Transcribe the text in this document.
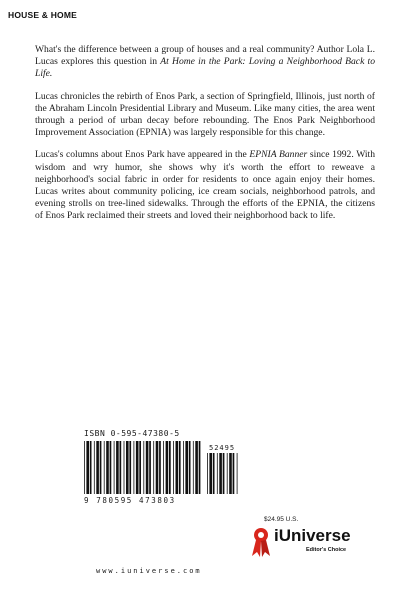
HOUSE & HOME

What's the difference between a group of houses and a real community? Author Lola L. Lucas explores this question in At Home in the Park: Loving a Neighborhood Back to Life.

Lucas chronicles the rebirth of Enos Park, a section of Springfield, Illinois, just north of the Abraham Lincoln Presidential Library and Museum. Like many cities, the area went through a period of urban decay before rebounding. The Enos Park Neighborhood Improvement Association (EPNIA) was largely responsible for this change.

Lucas's columns about Enos Park have appeared in the EPNIA Banner since 1992. With wisdom and wry humor, she shows why it's worth the effort to reweave a neighborhood's social fabric in order for residents to once again enjoy their homes. Lucas writes about community policing, ice cream socials, neighborhood patrols, and evening strolls on tree-lined sidewalks. Through the efforts of the EPNIA, the citizens of Enos Park reclaimed their streets and loved their neighborhood back to life.

ISBN 0-595-47380-5
52495
9 780595 473803
$24.95 U.S.
iUniverse
Editor's Choice
www.iuniverse.com
